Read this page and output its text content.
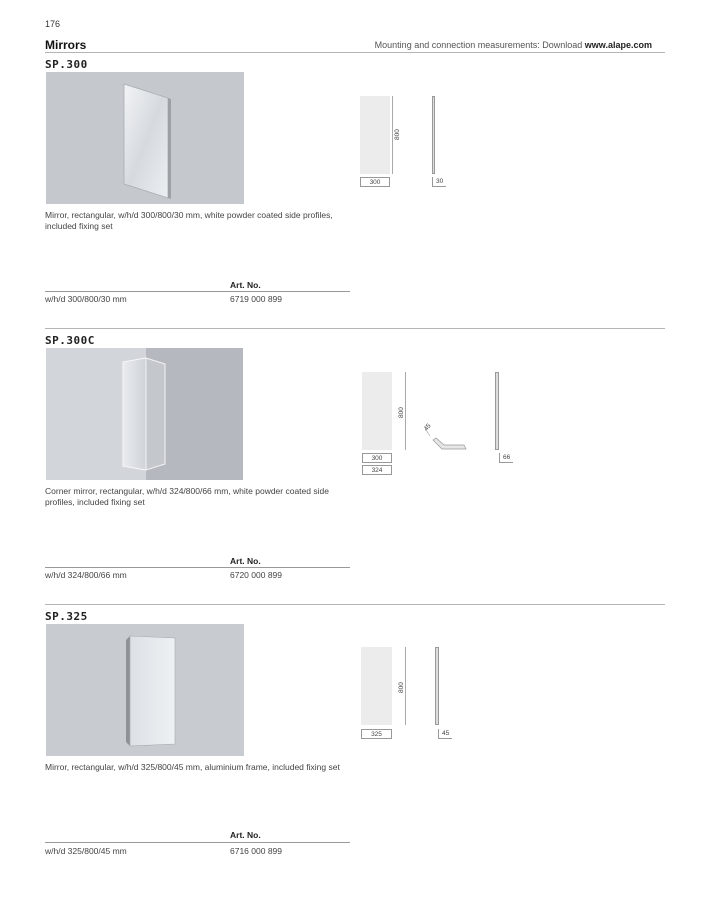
176
Mirrors	Mounting and connection measurements: Download www.alape.com
SP.300
Mirror, rectangular, w/h/d 300/800/30 mm, white powder coated side profiles, included fixing set
Art. No.
w/h/d 300/800/30 mm	6719 000 899
800
300	30
SP.300C
Corner mirror, rectangular, w/h/d 324/800/66 mm, white powder coated side profiles, included fixing set
Art. No.
w/h/d 324/800/66 mm	6720 000 899
800
300
324
45
66
SP.325
Mirror, rectangular, w/h/d 325/800/45 mm, aluminium frame, included fixing set
Art. No.
w/h/d 325/800/45 mm	6716 000 899
800
325	45
